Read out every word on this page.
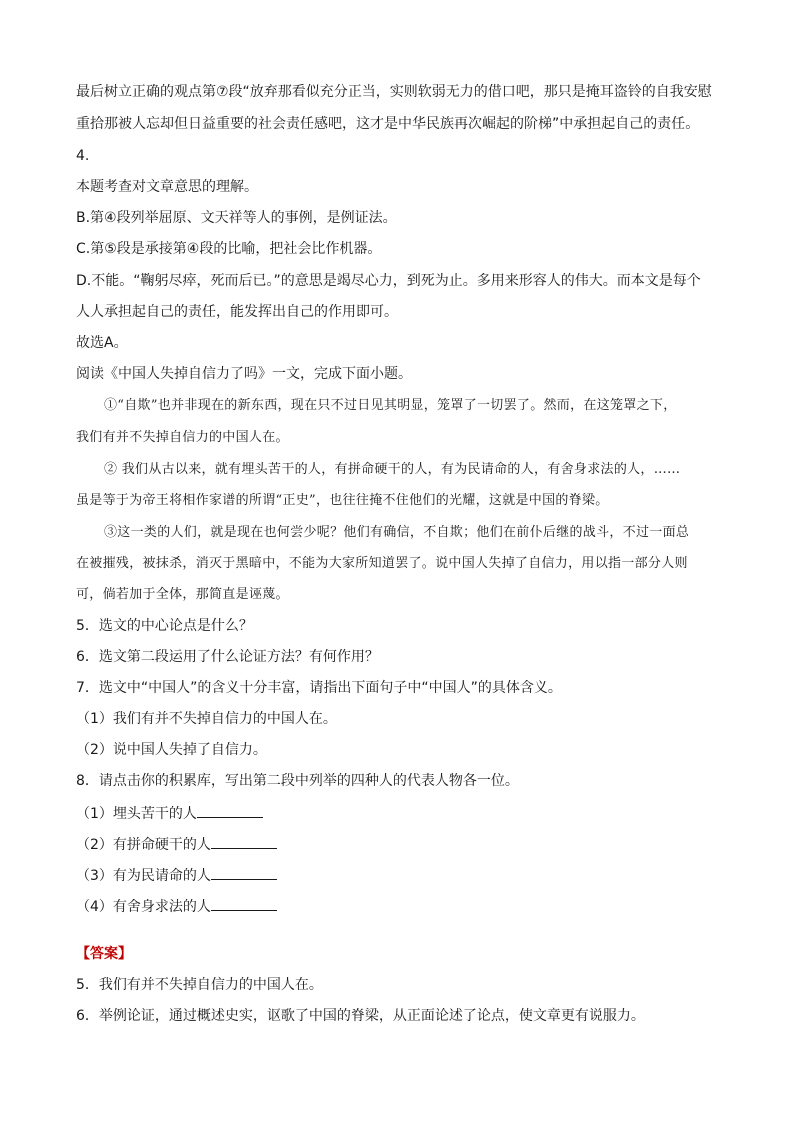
最后树立正确的观点第⑦段“放弃那看似充分正当，实则软弱无力的借口吧，那只是掩耳盗铃的自我安慰
重拾那被人忘却但日益重要的社会责任感吧，这才是中华民族再次崛起的阶梯”中承担起自己的责任。
4.
本题考查对文章意思的理解。
B.第④段列举屈原、文天祥等人的事例，是例证法。
C.第⑤段是承接第④段的比喻，把社会比作机器。
D.不能。“鞠躬尽瘁，死而后已。”的意思是竭尽心力，到死为止。多用来形容人的伟大。而本文是每个
人人承担起自己的责任，能发挥出自己的作用即可。
故选A。
阅读《中国人失掉自信力了吗》一文，完成下面小题。
①“自欺”也并非现在的新东西，现在只不过日见其明显，笼罩了一切罢了。然而，在这笼罩之下，
我们有并不失掉自信力的中国人在。
② 我们从古以来，就有埋头苦干的人，有拼命硬干的人，有为民请命的人，有舍身求法的人，……
虽是等于为帝王将相作家谱的所谓“正史”，也往往掩不住他们的光耀，这就是中国的脊梁。
③这一类的人们，就是现在也何尝少呢？他们有确信，不自欺；他们在前仆后继的战斗，不过一面总
在被摧残，被抹杀，消灭于黑暗中，不能为大家所知道罢了。说中国人失掉了自信力，用以指一部分人则
可，倘若加于全体，那简直是诬蔑。
5．选文的中心论点是什么？
6．选文第二段运用了什么论证方法？有何作用？
7．选文中“中国人”的含义十分丰富，请指出下面句子中“中国人”的具体含义。
（1）我们有并不失掉自信力的中国人在。
（2）说中国人失掉了自信力。
8．请点击你的积累库，写出第二段中列举的四种人的代表人物各一位。
（1）埋头苦干的人
（2）有拼命硬干的人
（3）有为民请命的人
（4）有舍身求法的人
【答案】
5．我们有并不失掉自信力的中国人在。
6．举例论证，通过概述史实，讴歌了中国的脊梁，从正面论述了论点，使文章更有说服力。
